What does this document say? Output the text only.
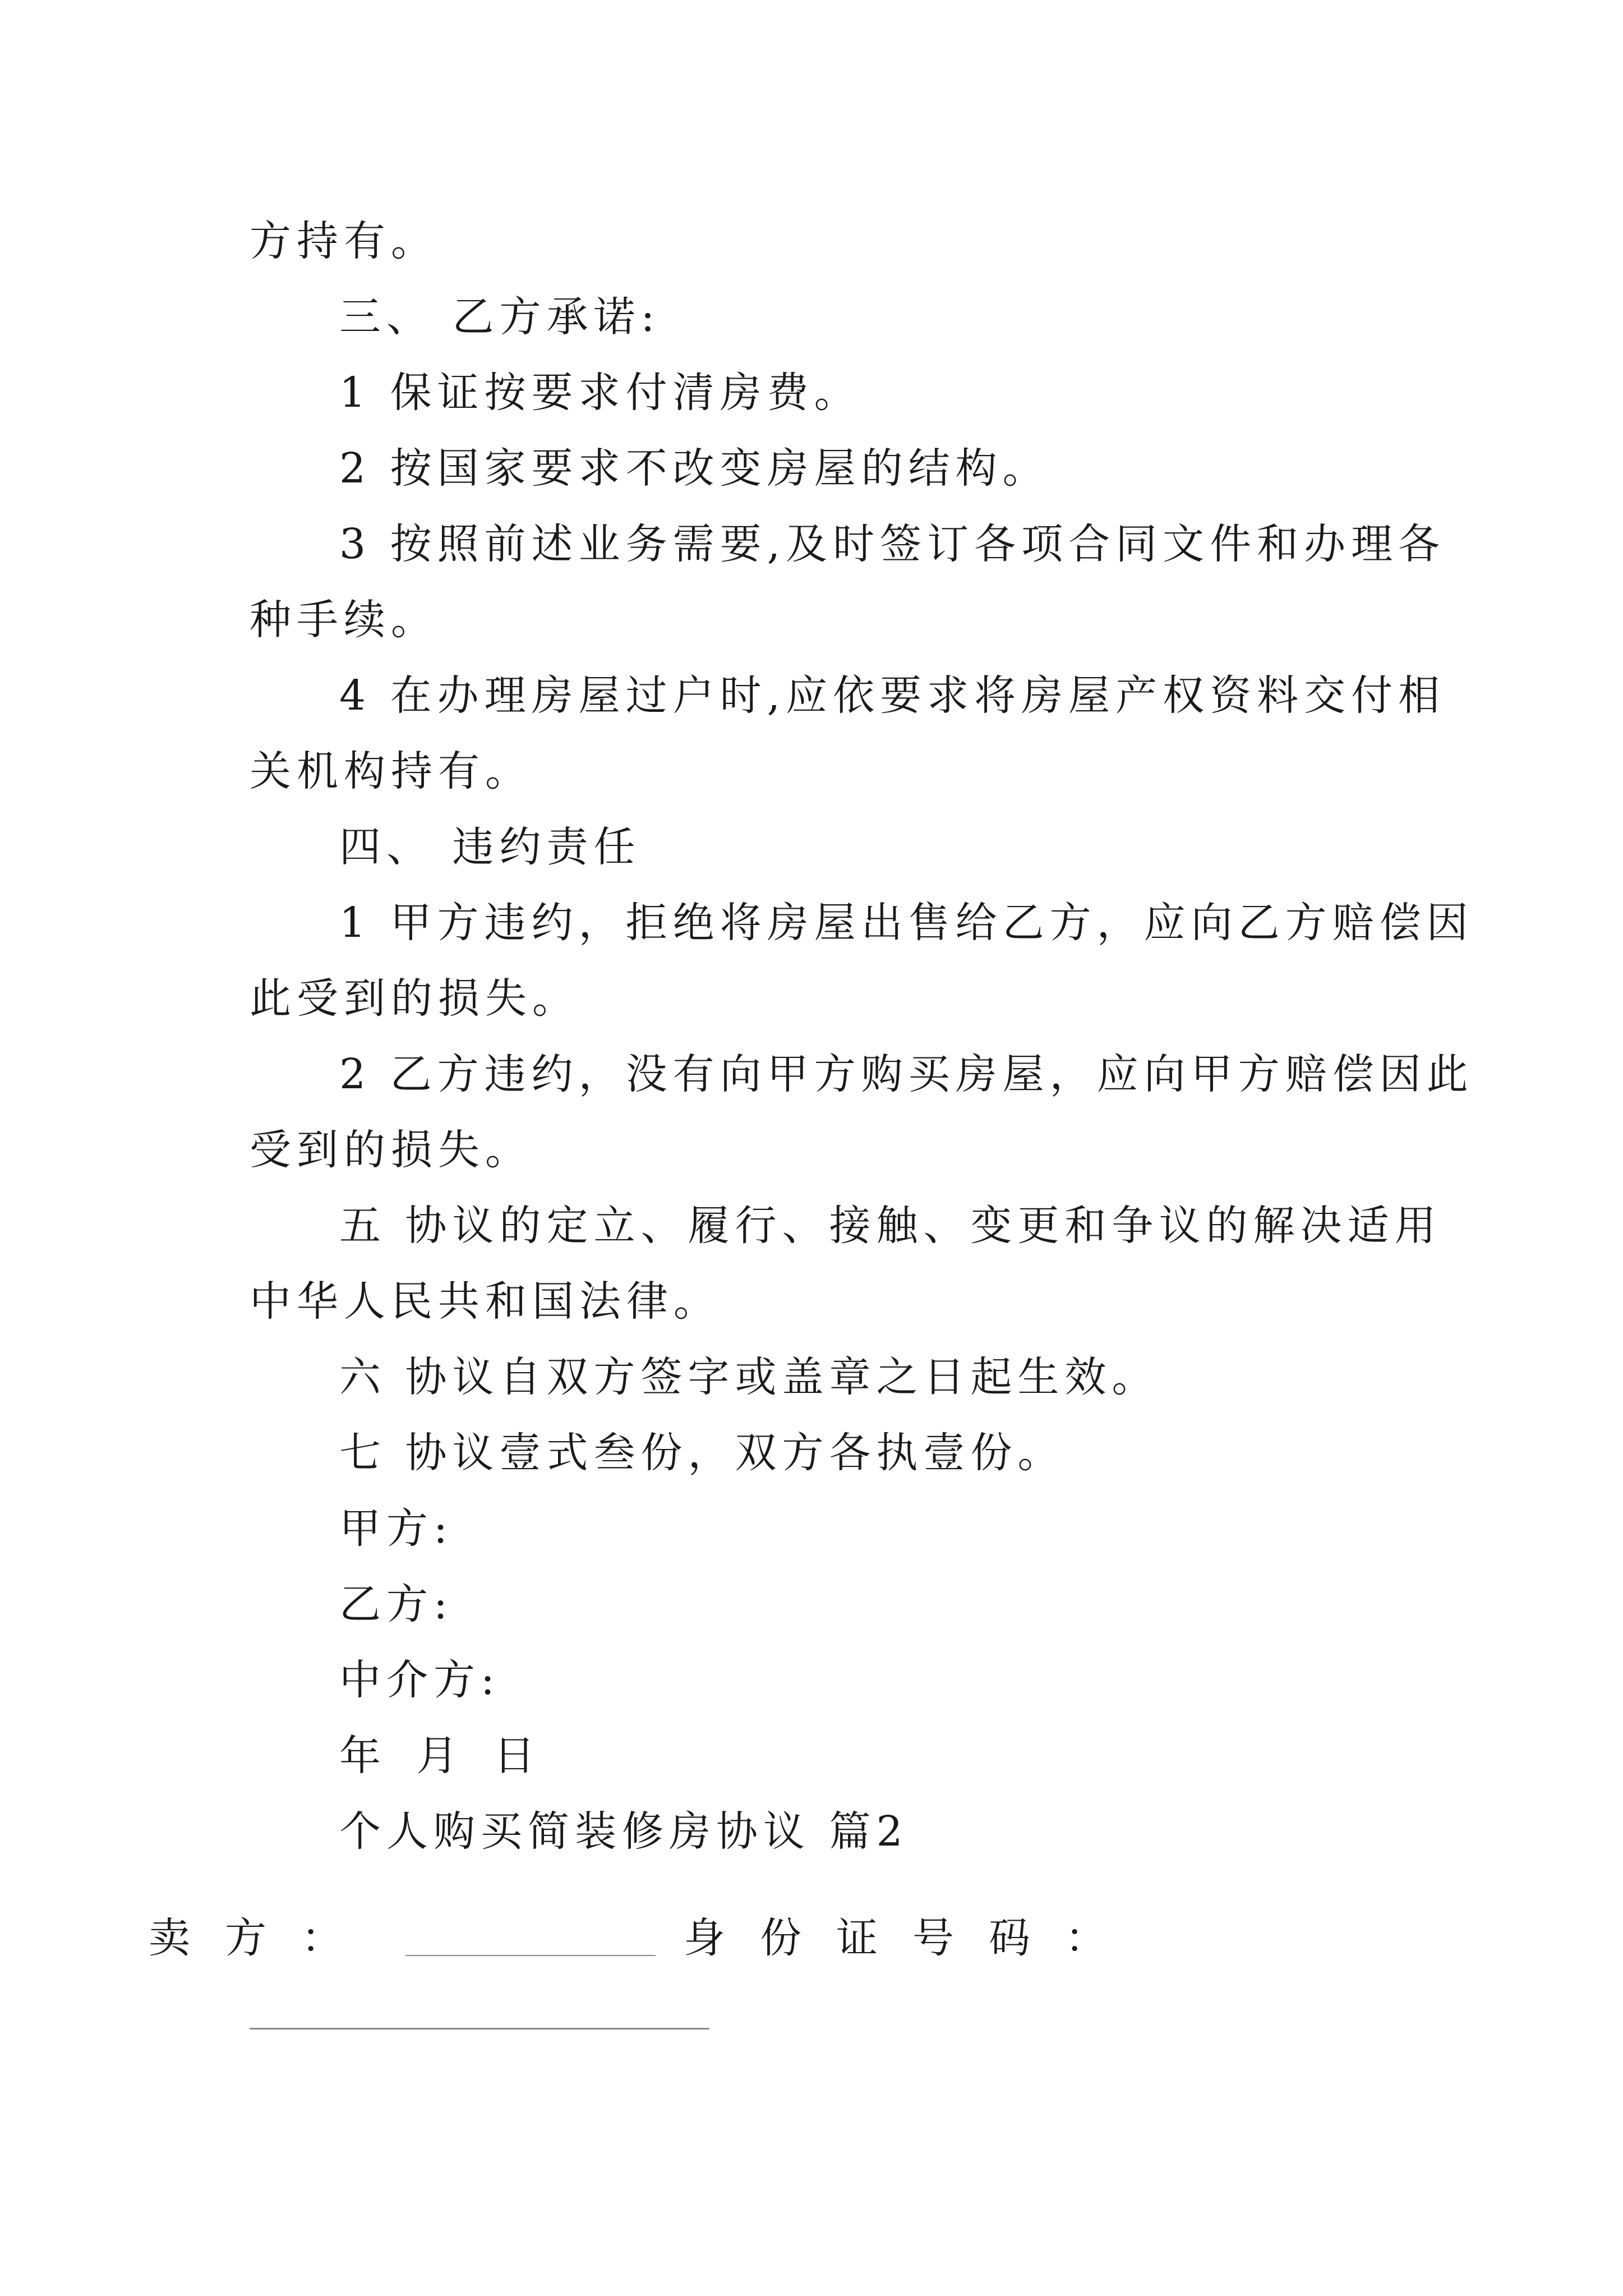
方持有。
三、 乙方承诺:
1 保证按要求付清房费。
2 按国家要求不改变房屋的结构。
3 按照前述业务需要,及时签订各项合同文件和办理各
种手续。
4 在办理房屋过户时,应依要求将房屋产权资料交付相
关机构持有。
四、 违约责任
1 甲方违约，拒绝将房屋出售给乙方，应向乙方赔偿因
此受到的损失。
2 乙方违约，没有向甲方购买房屋，应向甲方赔偿因此
受到的损失。
五 协议的定立、履行、接触、变更和争议的解决适用
中华人民共和国法律。
六 协议自双方签字或盖章之日起生效。
七 协议壹式叁份，双方各执壹份。
甲方:
乙方:
中介方:
年 月 日
个人购买简装修房协议 篇2
卖方：	身份证号码：
